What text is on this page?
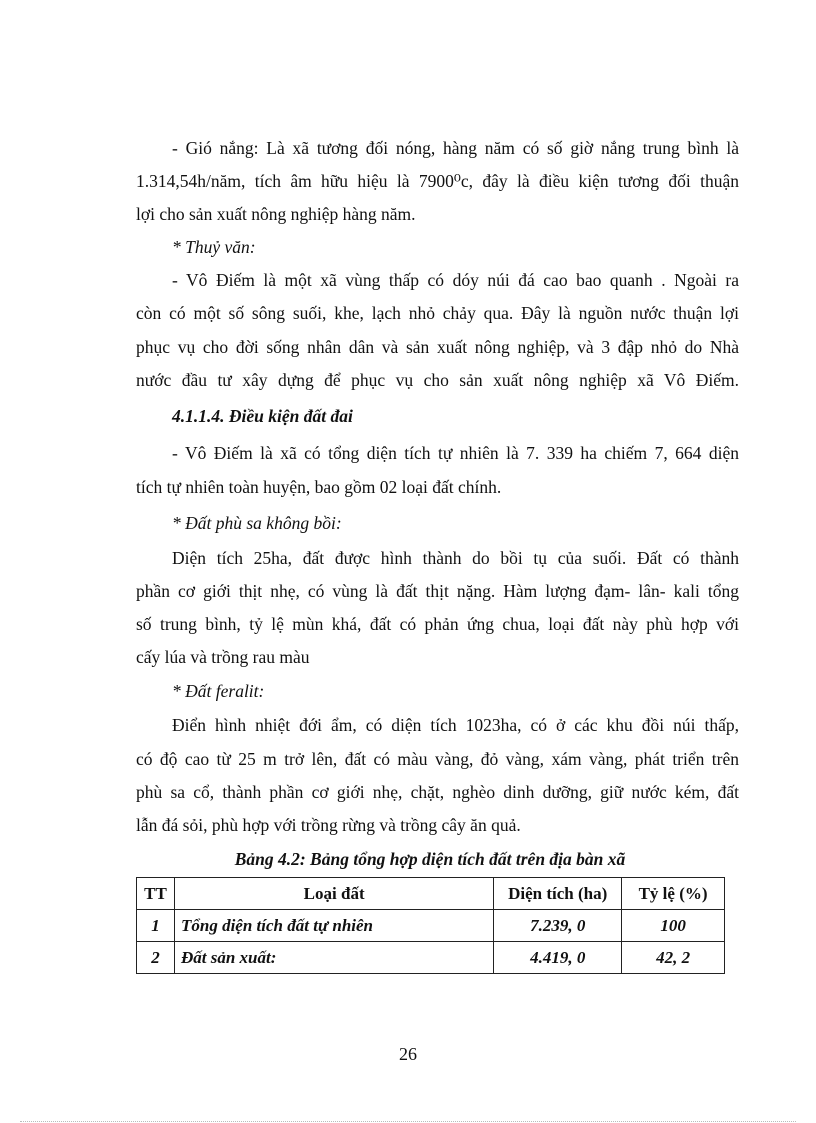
- Gió nắng: Là xã tương đối nóng, hàng năm có số giờ nắng trung bình là
1.314,54h/năm, tích âm hữu hiệu là 7900⁰c, đây là điều kiện tương đối thuận
lợi cho sản xuất nông nghiệp hàng năm.
* Thuỷ văn:
- Vô Điếm là một xã vùng thấp có dóy núi đá cao bao quanh . Ngoài ra
còn có một số sông suối, khe, lạch nhỏ chảy qua. Đây là nguồn nước thuận lợi
phục vụ cho đời sống nhân dân và sản xuất nông nghiệp, và 3 đập nhỏ do Nhà
nước đầu tư xây dựng để phục vụ cho sản xuất nông nghiệp xã Vô Điếm.
4.1.1.4. Điều kiện đất đai
- Vô Điếm là xã có tổng diện tích tự nhiên là 7. 339 ha chiếm 7, 664 diện
tích tự nhiên toàn huyện, bao gồm 02 loại đất chính.
* Đất phù sa không bồi:
Diện tích 25ha, đất được hình thành do bồi tụ của suối. Đất có thành
phần cơ giới thịt nhẹ, có vùng là đất thịt nặng. Hàm lượng đạm- lân- kali tổng
số trung bình, tỷ lệ mùn khá, đất có phản ứng chua, loại đất này phù hợp với
cấy lúa và trồng rau màu
* Đất feralit:
Điển hình nhiệt đới ẩm, có diện tích 1023ha, có ở các khu đồi núi thấp,
có độ cao từ 25 m trở lên, đất có màu vàng, đỏ vàng, xám vàng, phát triển trên
phù sa cổ, thành phần cơ giới nhẹ, chặt, nghèo dinh dưỡng, giữ nước kém, đất
lẫn đá sỏi, phù hợp với trồng rừng và trồng cây ăn quả.
Bảng 4.2: Bảng tổng hợp diện tích đất trên địa bàn xã
TT	Loại đất	Diện tích (ha)	Tỷ lệ (%)
1	Tổng diện tích đất tự nhiên	7.239, 0	100
2	Đất sản xuất:	4.419, 0	42, 2
26
